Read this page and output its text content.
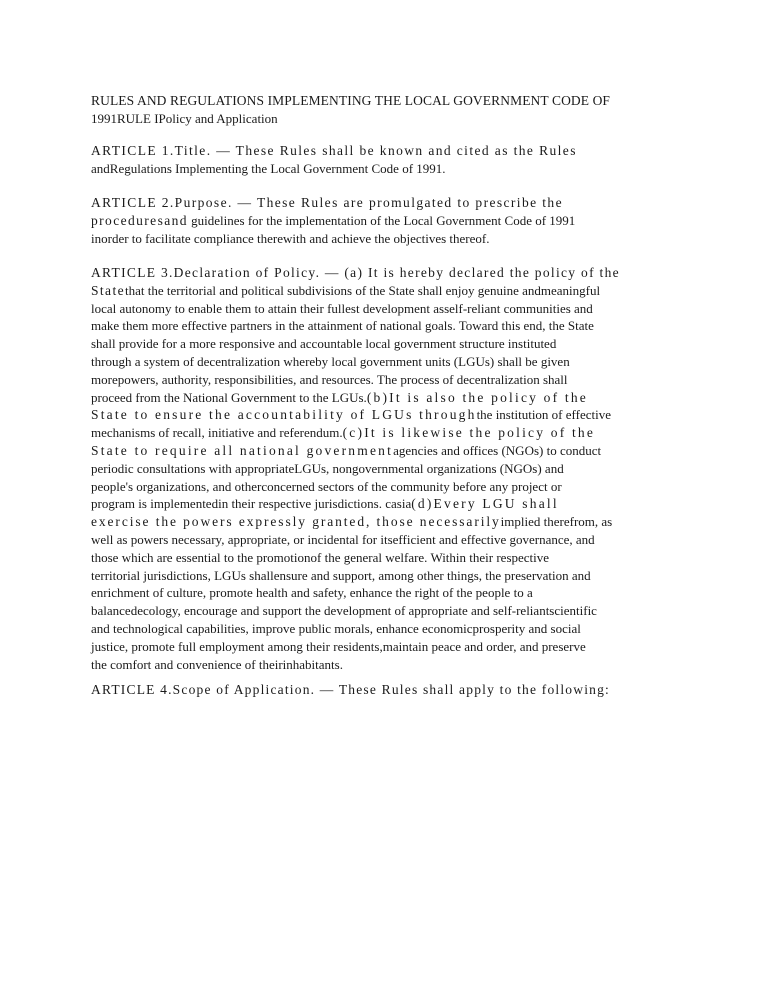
RULES AND REGULATIONS IMPLEMENTING THE LOCAL GOVERNMENT CODE OF

1991RULE IPolicy and Application

ARTICLE 1.Title. — These Rules shall be known and cited as the Rules

andRegulations Implementing the Local Government Code of 1991.

ARTICLE 2.Purpose. — These Rules are promulgated to prescribe the

proceduresand guidelines for the implementation of the Local Government Code of 1991

inorder to facilitate compliance therewith and achieve the objectives thereof.

ARTICLE 3.Declaration of Policy. — (a) It is hereby declared the policy of the

Statethat the territorial and political subdivisions of the State shall enjoy genuine andmeaningful

local autonomy to enable them to attain their fullest development asself-reliant communities and

make them more effective partners in the attainment of national goals. Toward this end, the State

shall provide for a more responsive and accountable local government structure instituted

through a system of decentralization whereby local government units (LGUs) shall be given

morepowers, authority, responsibilities, and resources. The process of decentralization shall

proceed from the National Government to the LGUs.(b)It is also the policy of the

State to ensure the accountability of LGUs throughthe institution of effective

mechanisms of recall, initiative and referendum.(c)It is likewise the policy of the

State to require all national governmentagencies and offices (NGOs) to conduct

periodic consultations with appropriateLGUs, nongovernmental organizations (NGOs) and

people's organizations, and otherconcerned sectors of the community before any project or

program is implementedin their respective jurisdictions. casia(d)Every LGU shall

exercise the powers expressly granted, those necessarilyimplied therefrom, as

well as powers necessary, appropriate, or incidental for itsefficient and effective governance, and

those which are essential to the promotionof the general welfare. Within their respective

territorial jurisdictions, LGUs shallensure and support, among other things, the preservation and

enrichment of culture, promote health and safety, enhance the right of the people to a

balancedecology, encourage and support the development of appropriate and self-reliantscientific

and technological capabilities, improve public morals, enhance economicprosperity and social

justice, promote full employment among their residents,maintain peace and order, and preserve

the comfort and convenience of theirinhabitants.

ARTICLE 4.Scope of Application. — These Rules shall apply to the following:
